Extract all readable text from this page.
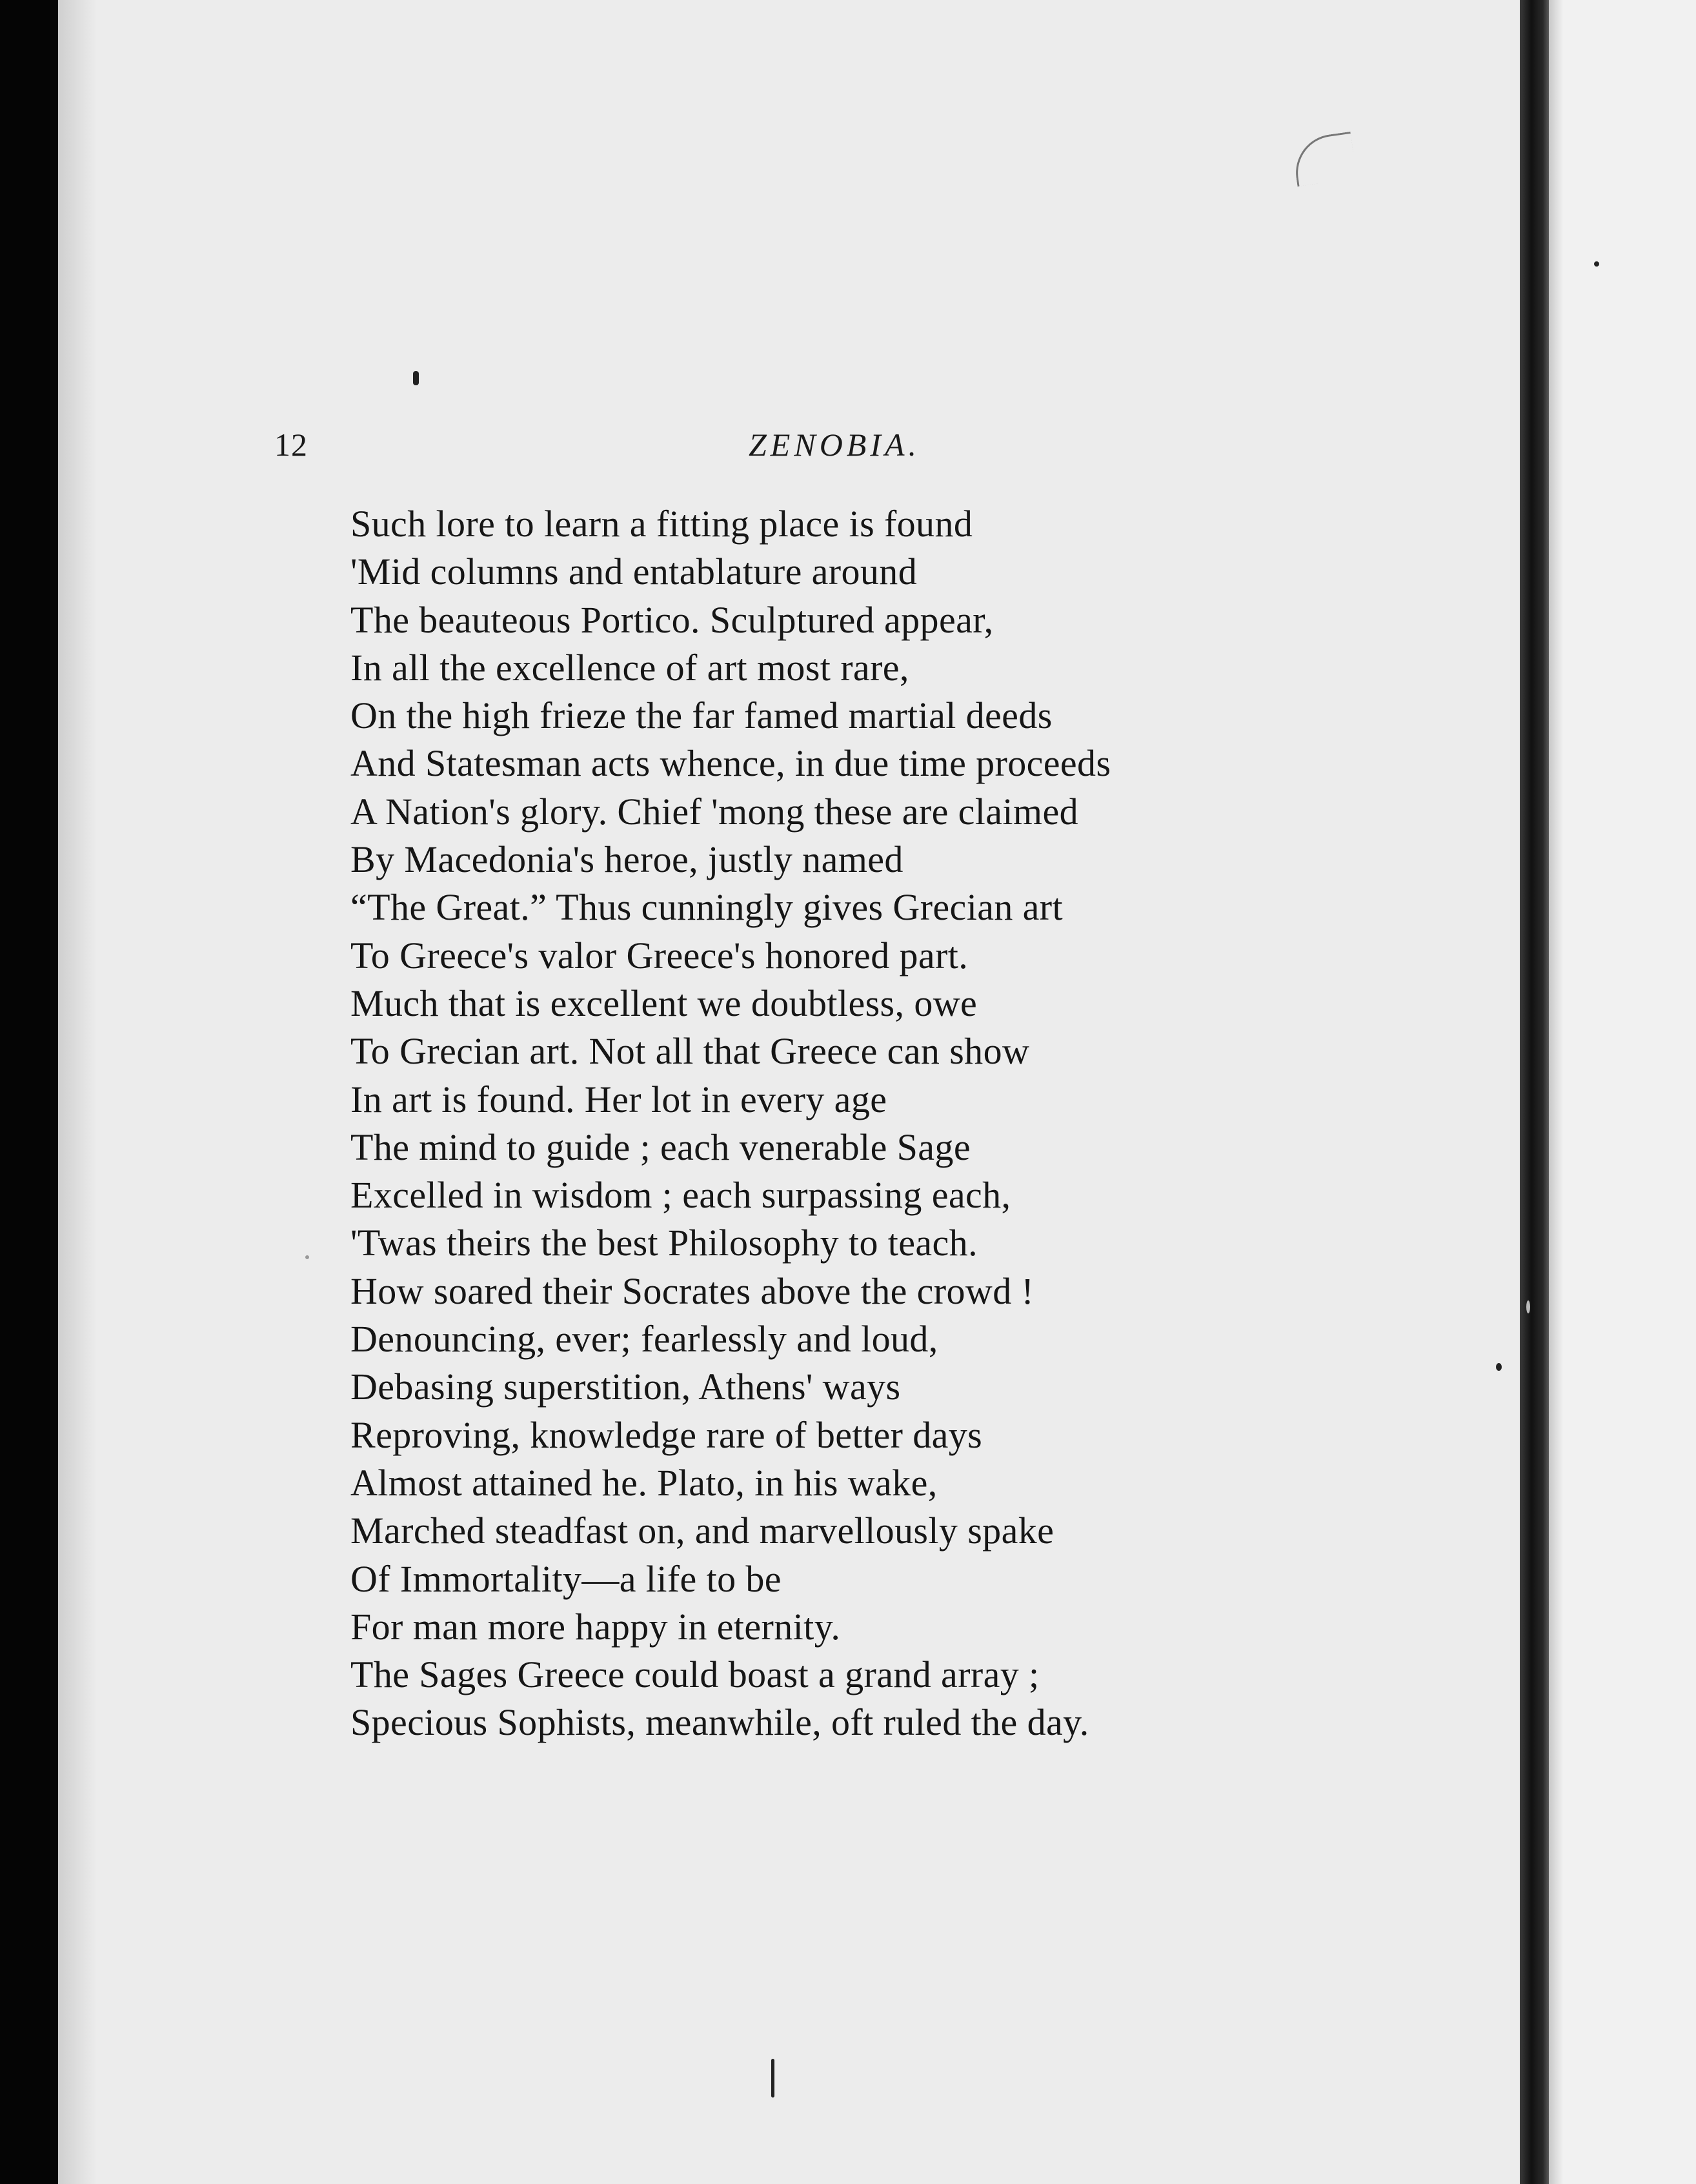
12	ZENOBIA.
Such lore to learn a fitting place is found
'Mid columns and entablature around
The beauteous Portico. Sculptured appear,
In all the excellence of art most rare,
On the high frieze the far famed martial deeds
And Statesman acts whence, in due time proceeds
A Nation's glory. Chief 'mong these are claimed
By Macedonia's heroe, justly named
“The Great.” Thus cunningly gives Grecian art
To Greece's valor Greece's honored part.
Much that is excellent we doubtless, owe
To Grecian art. Not all that Greece can show
In art is found. Her lot in every age
The mind to guide ; each venerable Sage
Excelled in wisdom ; each surpassing each,
'Twas theirs the best Philosophy to teach.
How soared their Socrates above the crowd !
Denouncing, ever; fearlessly and loud,
Debasing superstition, Athens' ways
Reproving, knowledge rare of better days
Almost attained he. Plato, in his wake,
Marched steadfast on, and marvellously spake
Of Immortality—a life to be
For man more happy in eternity.
The Sages Greece could boast a grand array ;
Specious Sophists, meanwhile, oft ruled the day.
